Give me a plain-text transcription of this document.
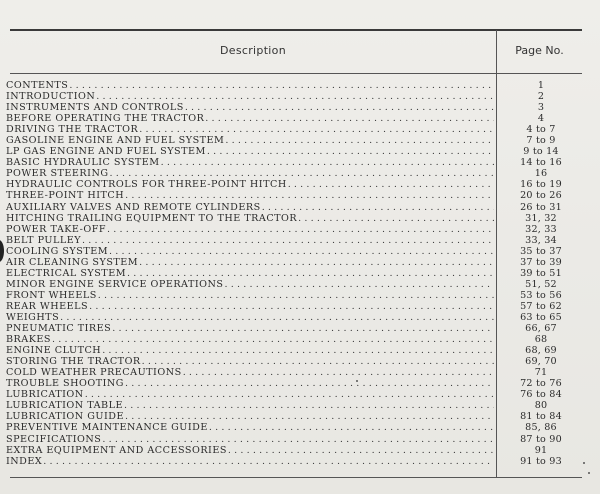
Description	Page No.
CONTENTS .....	1
INTRODUCTION .....	2
INSTRUMENTS AND CONTROLS .....	3
BEFORE OPERATING THE TRACTOR .....	4
DRIVING THE TRACTOR .....	4 to 7
GASOLINE ENGINE AND FUEL SYSTEM .....	7 to 9
LP GAS ENGINE AND FUEL SYSTEM .....	9 to 14
BASIC HYDRAULIC SYSTEM .....	14 to 16
POWER STEERING .....	16
HYDRAULIC CONTROLS FOR THREE-POINT HITCH .....	16 to 19
THREE-POINT HITCH .....	20 to 26
AUXILIARY VALVES AND REMOTE CYLINDERS .....	26 to 31
HITCHING TRAILING EQUIPMENT TO THE TRACTOR .....	31, 32
POWER TAKE-OFF .....	32, 33
BELT PULLEY .....	33, 34
COOLING SYSTEM .....	35 to 37
AIR CLEANING SYSTEM .....	37 to 39
ELECTRICAL SYSTEM .....	39 to 51
MINOR ENGINE SERVICE OPERATIONS .....	51, 52
FRONT WHEELS .....	53 to 56
REAR WHEELS .....	57 to 62
WEIGHTS .....	63 to 65
PNEUMATIC TIRES .....	66, 67
BRAKES .....	68
ENGINE CLUTCH .....	68, 69
STORING THE TRACTOR .....	69, 70
COLD WEATHER PRECAUTIONS .....	71
TROUBLE SHOOTING .....	72 to 76
LUBRICATION .....	76 to 84
LUBRICATION TABLE .....	80
LUBRICATION GUIDE .....	81 to 84
PREVENTIVE MAINTENANCE GUIDE .....	85, 86
SPECIFICATIONS .....	87 to 90
EXTRA EQUIPMENT AND ACCESSORIES .....	91
INDEX .....	91 to 93
